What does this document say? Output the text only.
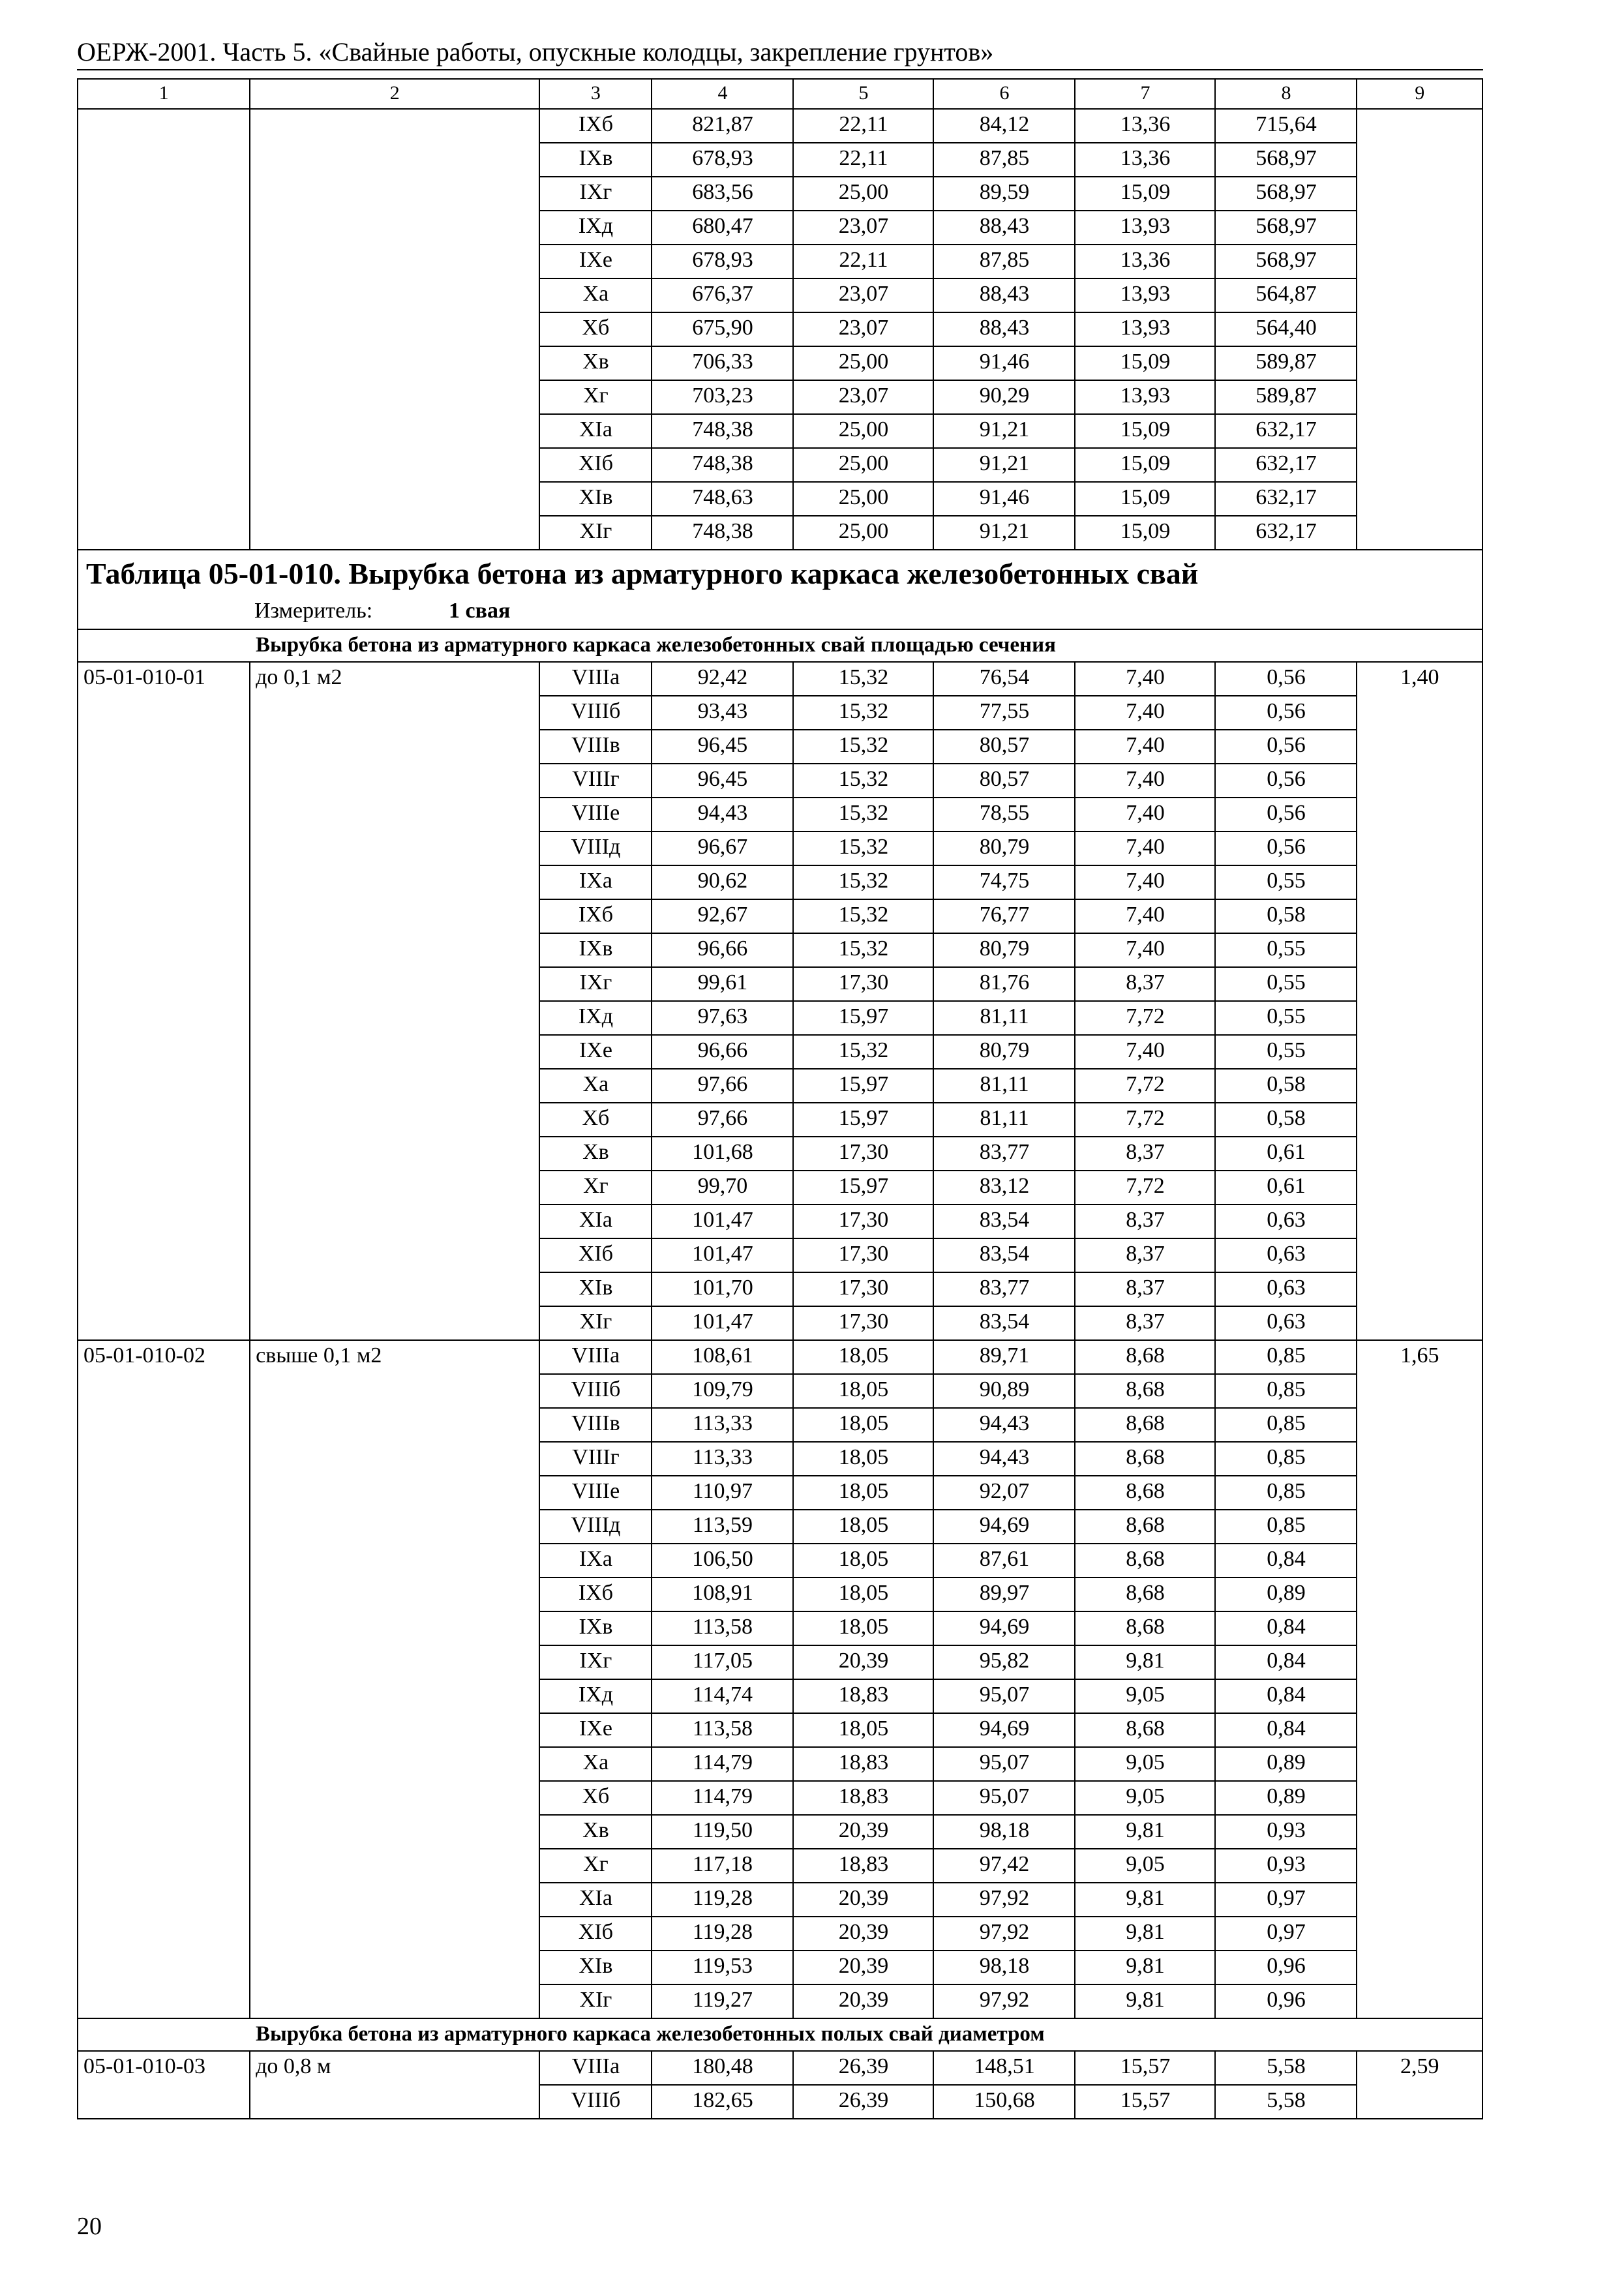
ОЕРЖ-2001. Часть 5. «Свайные работы, опускные колодцы, закрепление грунтов»
1	2	3	4	5	6	7	8	9
		IXб	821,87	22,11	84,12	13,36	715,64	
		IXв	678,93	22,11	87,85	13,36	568,97	
		IXг	683,56	25,00	89,59	15,09	568,97	
		IXд	680,47	23,07	88,43	13,93	568,97	
		IXе	678,93	22,11	87,85	13,36	568,97	
		Xа	676,37	23,07	88,43	13,93	564,87	
		Xб	675,90	23,07	88,43	13,93	564,40	
		Xв	706,33	25,00	91,46	15,09	589,87	
		Xг	703,23	23,07	90,29	13,93	589,87	
		XIа	748,38	25,00	91,21	15,09	632,17	
		XIб	748,38	25,00	91,21	15,09	632,17	
		XIв	748,63	25,00	91,46	15,09	632,17	
		XIг	748,38	25,00	91,21	15,09	632,17	

Таблица 05-01-010. Вырубка бетона из арматурного каркаса железобетонных свай
Измеритель: 1 свая								

Вырубка бетона из арматурного каркаса железобетонных свай площадью сечения								
05-01-010-01	до 0,1 м2	VIIIа	92,42	15,32	76,54	7,40	0,56	1,40
		VIIIб	93,43	15,32	77,55	7,40	0,56	
		VIIIв	96,45	15,32	80,57	7,40	0,56	
		VIIIг	96,45	15,32	80,57	7,40	0,56	
		VIIIе	94,43	15,32	78,55	7,40	0,56	
		VIIIд	96,67	15,32	80,79	7,40	0,56	
		IXа	90,62	15,32	74,75	7,40	0,55	
		IXб	92,67	15,32	76,77	7,40	0,58	
		IXв	96,66	15,32	80,79	7,40	0,55	
		IXг	99,61	17,30	81,76	8,37	0,55	
		IXд	97,63	15,97	81,11	7,72	0,55	
		IXе	96,66	15,32	80,79	7,40	0,55	
		Xа	97,66	15,97	81,11	7,72	0,58	
		Xб	97,66	15,97	81,11	7,72	0,58	
		Xв	101,68	17,30	83,77	8,37	0,61	
		Xг	99,70	15,97	83,12	7,72	0,61	
		XIа	101,47	17,30	83,54	8,37	0,63	
		XIб	101,47	17,30	83,54	8,37	0,63	
		XIв	101,70	17,30	83,77	8,37	0,63	
		XIг	101,47	17,30	83,54	8,37	0,63	
05-01-010-02	свыше 0,1 м2	VIIIа	108,61	18,05	89,71	8,68	0,85	1,65
		VIIIб	109,79	18,05	90,89	8,68	0,85	
		VIIIв	113,33	18,05	94,43	8,68	0,85	
		VIIIг	113,33	18,05	94,43	8,68	0,85	
		VIIIе	110,97	18,05	92,07	8,68	0,85	
		VIIIд	113,59	18,05	94,69	8,68	0,85	
		IXа	106,50	18,05	87,61	8,68	0,84	
		IXб	108,91	18,05	89,97	8,68	0,89	
		IXв	113,58	18,05	94,69	8,68	0,84	
		IXг	117,05	20,39	95,82	9,81	0,84	
		IXд	114,74	18,83	95,07	9,05	0,84	
		IXе	113,58	18,05	94,69	8,68	0,84	
		Xа	114,79	18,83	95,07	9,05	0,89	
		Xб	114,79	18,83	95,07	9,05	0,89	
		Xв	119,50	20,39	98,18	9,81	0,93	
		Xг	117,18	18,83	97,42	9,05	0,93	
		XIа	119,28	20,39	97,92	9,81	0,97	
		XIб	119,28	20,39	97,92	9,81	0,97	
		XIв	119,53	20,39	98,18	9,81	0,96	
		XIг	119,27	20,39	97,92	9,81	0,96	
Вырубка бетона из арматурного каркаса железобетонных полых свай диаметром								
05-01-010-03	до 0,8 м	VIIIа	180,48	26,39	148,51	15,57	5,58	2,59
		VIIIб	182,65	26,39	150,68	15,57	5,58	
20
